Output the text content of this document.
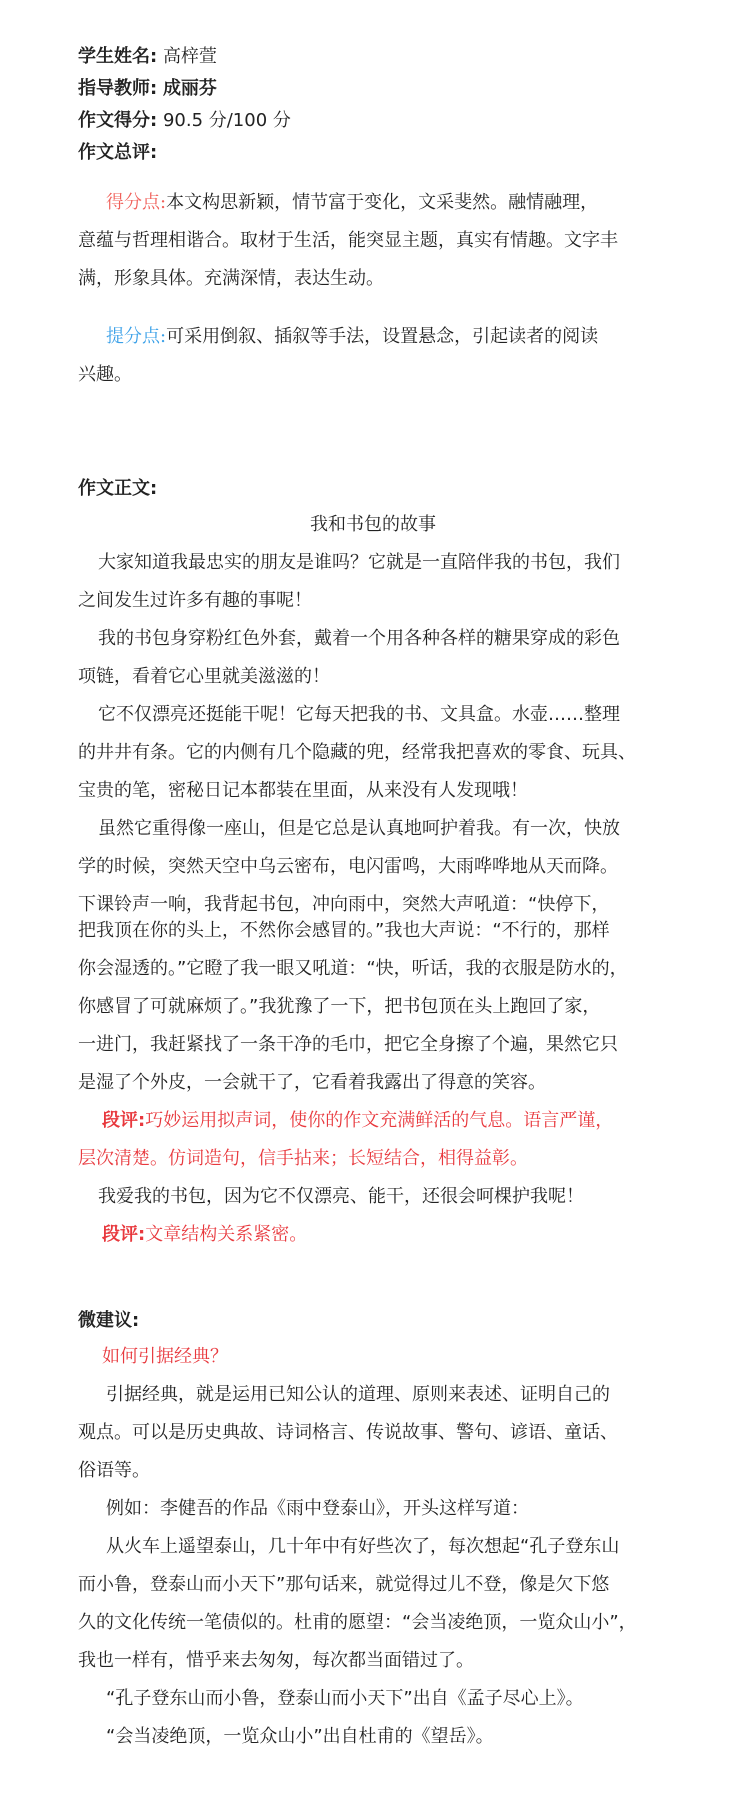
学生姓名: 高梓萱
指导教师: 成丽芬
作文得分: 90.5 分/100 分
作文总评:
得分点:本文构思新颖，情节富于变化，文采斐然。融情融理，
意蕴与哲理相谐合。取材于生活，能突显主题，真实有情趣。文字丰
满，形象具体。充满深情，表达生动。
提分点:可采用倒叙、插叙等手法，设置悬念，引起读者的阅读
兴趣。
作文正文:
我和书包的故事
大家知道我最忠实的朋友是谁吗？它就是一直陪伴我的书包，我们
之间发生过许多有趣的事呢！
我的书包身穿粉红色外套，戴着一个用各种各样的糖果穿成的彩色
项链，看着它心里就美滋滋的！
它不仅漂亮还挺能干呢！它每天把我的书、文具盒。水壶……整理
的井井有条。它的内侧有几个隐藏的兜，经常我把喜欢的零食、玩具、
宝贵的笔，密秘日记本都装在里面，从来没有人发现哦！
虽然它重得像一座山，但是它总是认真地呵护着我。有一次，快放
学的时候，突然天空中乌云密布，电闪雷鸣，大雨哗哗地从天而降。
下课铃声一响，我背起书包，冲向雨中，突然大声吼道：“快停下，
把我顶在你的头上，不然你会感冒的。”我也大声说：“不行的，那样
你会湿透的。”它瞪了我一眼又吼道：“快，听话，我的衣服是防水的，
你感冒了可就麻烦了。”我犹豫了一下，把书包顶在头上跑回了家，
一进门，我赶紧找了一条干净的毛巾，把它全身擦了个遍，果然它只
是湿了个外皮，一会就干了，它看着我露出了得意的笑容。
段评:巧妙运用拟声词，使你的作文充满鲜活的气息。语言严谨，
层次清楚。仿词造句，信手拈来；长短结合，相得益彰。
我爱我的书包，因为它不仅漂亮、能干，还很会呵棵护我呢！
段评:文章结构关系紧密。
微建议:
如何引据经典？
引据经典，就是运用已知公认的道理、原则来表述、证明自己的
观点。可以是历史典故、诗词格言、传说故事、警句、谚语、童话、
俗语等。
例如：李健吾的作品《雨中登泰山》，开头这样写道：
从火车上遥望泰山，几十年中有好些次了，每次想起“孔子登东山
而小鲁，登泰山而小天下”那句话来，就觉得过儿不登，像是欠下悠
久的文化传统一笔债似的。杜甫的愿望：“会当凌绝顶，一览众山小”，
我也一样有，惜乎来去匆匆，每次都当面错过了。
“孔子登东山而小鲁，登泰山而小天下”出自《孟子尽心上》。
“会当凌绝顶，一览众山小”出自杜甫的《望岳》。
